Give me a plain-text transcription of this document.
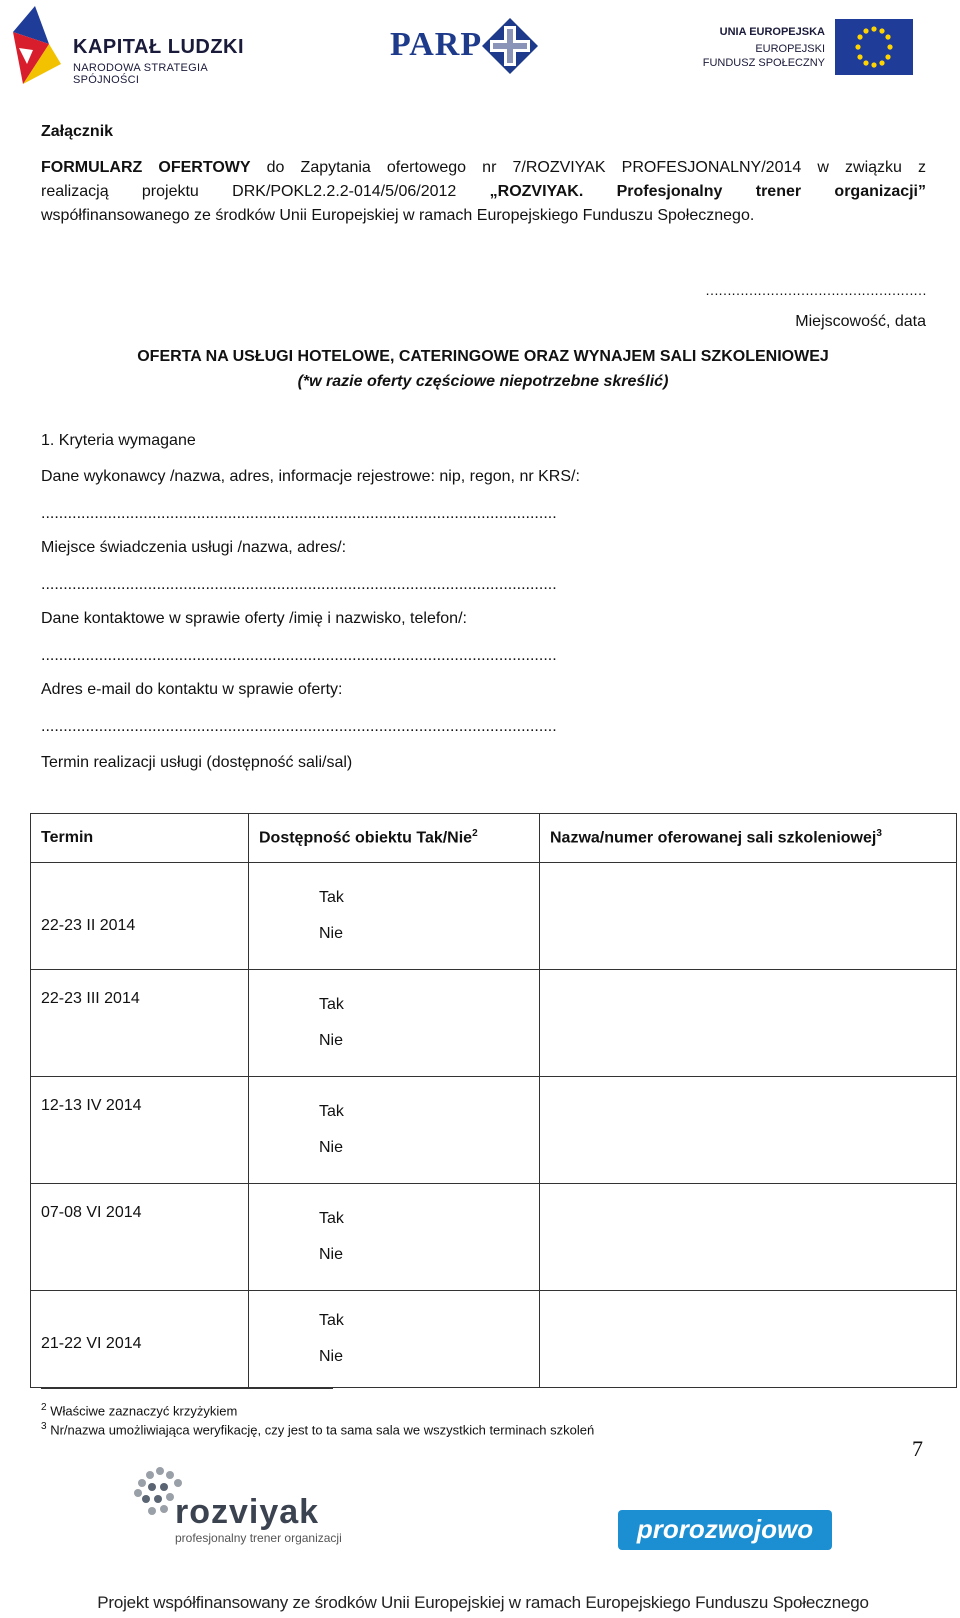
KAPITAŁ LUDZKI
NARODOWA STRATEGIA SPÓJNOŚCI
PARP	UNIA EUROPEJSKA
EUROPEJSKI
FUNDUSZ SPOŁECZNY
Załącznik
FORMULARZ OFERTOWY do Zapytania ofertowego nr 7/ROZVIYAK PROFESJONALNY/2014 w związku z
realizacją projektu DRK/POKL2.2.2-014/5/06/2012 „ROZVIYAK. Profesjonalny trener organizacji”
współfinansowanego ze środków Unii Europejskiej w ramach Europejskiego Funduszu Społecznego.
……………………………………………
Miejscowość, data
OFERTA NA USŁUGI HOTELOWE, CATERINGOWE ORAZ WYNAJEM SALI SZKOLENIOWEJ
(*w razie oferty częściowe niepotrzebne skreślić)
1. Kryteria wymagane
Dane wykonawcy /nazwa, adres, informacje rejestrowe: nip, regon, nr KRS/:
....................................................................................................................
Miejsce świadczenia usługi /nazwa, adres/:
....................................................................................................................
Dane kontaktowe w sprawie oferty /imię i nazwisko, telefon/:
....................................................................................................................
Adres e-mail do kontaktu w sprawie oferty:
....................................................................................................................
Termin realizacji usługi (dostępność sali/sal)
Termin	Dostępność obiektu Tak/Nie$^2$	Nazwa/numer oferowanej sali szkoleniowej$^3$
22-23 II 2014	Tak
Nie	

22-23 III 2014	Tak
Nie	

12-13 IV 2014	Tak
Nie	

07-08 VI 2014	Tak
Nie	

21-22 VI 2014	Tak
Nie	

$^2$ Właściwe zaznaczyć krzyżykiem
$^3$ Nr/nazwa umożliwiająca weryfikację, czy jest to ta sama sala we wszystkich terminach szkoleń
7
rozviyak
profesjonalny trener organizacji	prorozwojowo
Projekt współfinansowany ze środków Unii Europejskiej w ramach Europejskiego Funduszu Społecznego
